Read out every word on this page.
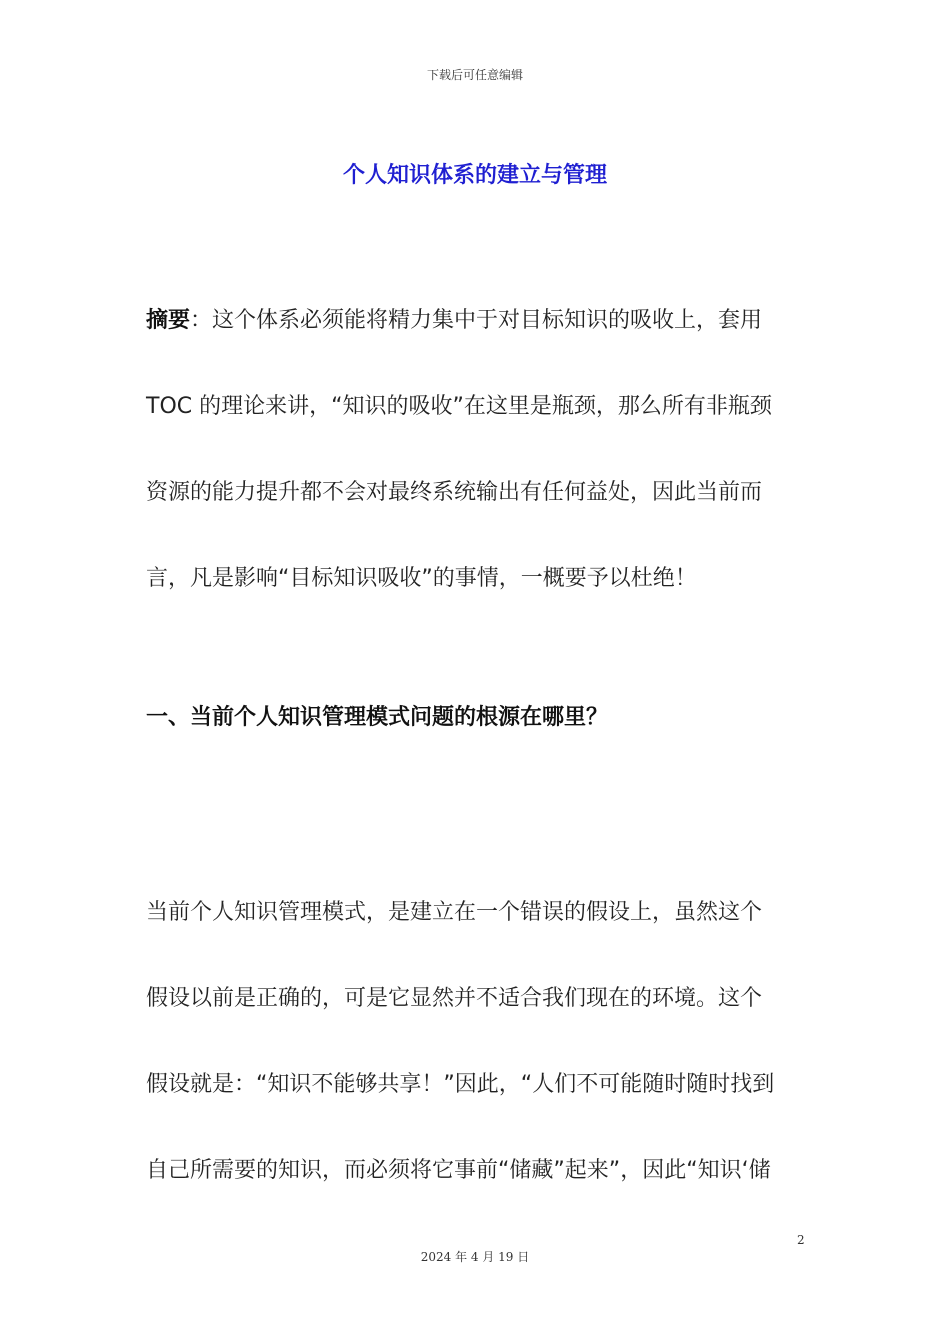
下载后可任意编辑
个人知识体系的建立与管理

摘要：这个体系必须能将精力集中于对目标知识的吸收上，套用
TOC 的理论来讲，“知识的吸收”在这里是瓶颈，那么所有非瓶颈
资源的能力提升都不会对最终系统输出有任何益处，因此当前而
言，凡是影响“目标知识吸收”的事情，一概要予以杜绝！

一、当前个人知识管理模式问题的根源在哪里？

当前个人知识管理模式，是建立在一个错误的假设上，虽然这个
假设以前是正确的，可是它显然并不适合我们现在的环境。这个
假设就是：“知识不能够共享！”因此，“人们不可能随时随时找到
自己所需要的知识，而必须将它事前“储藏”起来”，因此“知识‘储

2
2024 年 4 月 19 日
